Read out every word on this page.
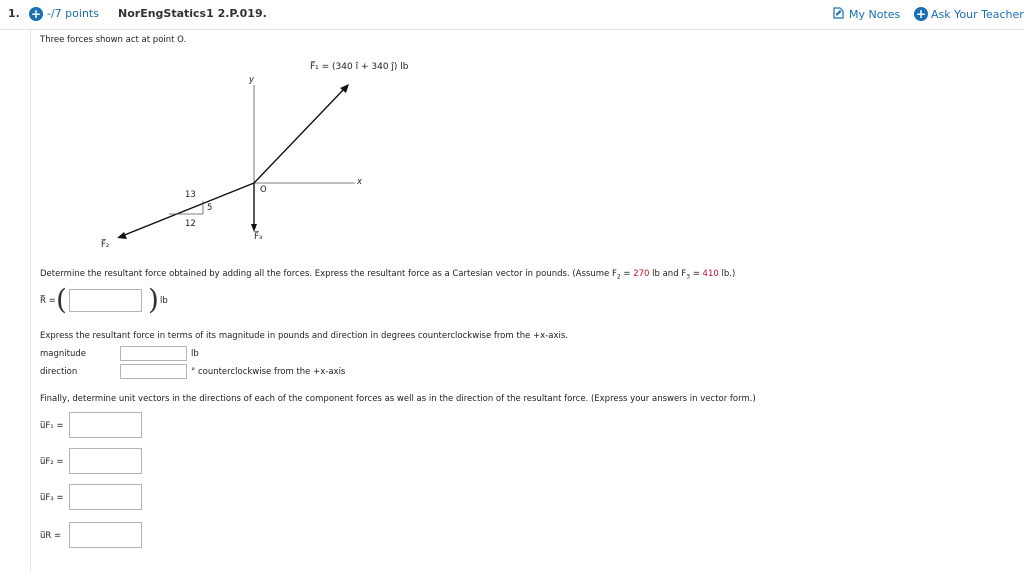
1. + -/7 points NorEngStatics1 2.P.019.	My Notes + Ask Your Teacher
Three forces shown act at point O.
F̅₁ = (340 î + 340 ĵ) lb
y
x
O
13
5
12
F̅₂
F̅₃
Determine the resultant force obtained by adding all the forces. Express the resultant force as a Cartesian vector in pounds. (Assume $F_2 = 270$ lb and $F_3 = 410$ lb.)
R̅ = (	) lb
Express the resultant force in terms of its magnitude in pounds and direction in degrees counterclockwise from the +x-axis.
magnitude	lb
direction	° counterclockwise from the +x-axis
Finally, determine unit vectors in the directions of each of the component forces as well as in the direction of the resultant force. (Express your answers in vector form.)
u̅F₁ =
u̅F₂ =
u̅F₃ =
u̅R =
